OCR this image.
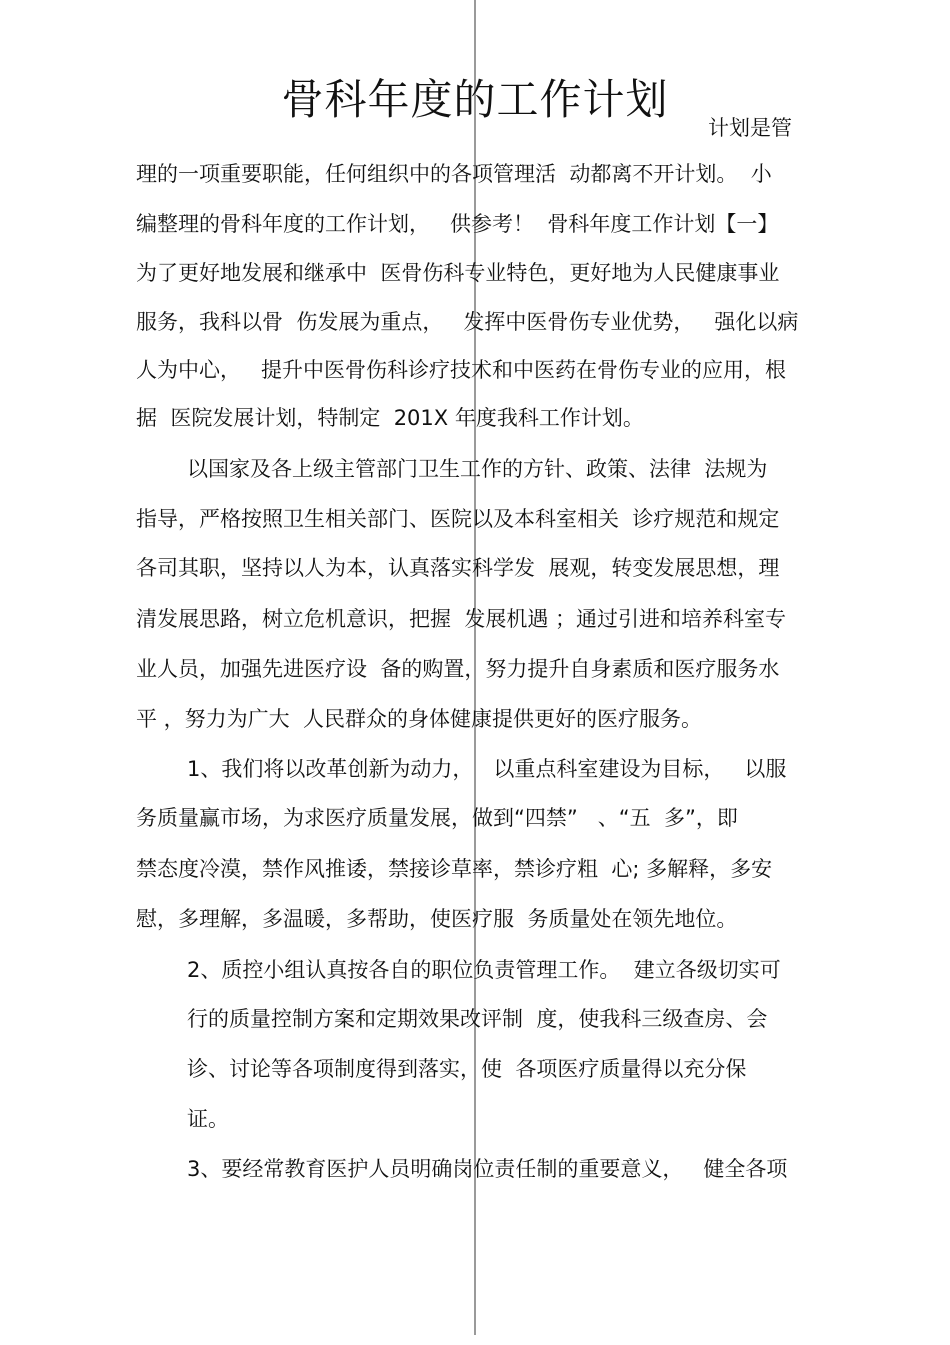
骨科年度的工作计划
计划是管
理的一项重要职能，任何组织中的各项管理活  动都离不开计划。  小
编整理的骨科年度的工作计划，   供参考！  骨科年度工作计划【一】
为了更好地发展和继承中  医骨伤科专业特色，更好地为人民健康事业
服务，我科以骨  伤发展为重点，   发挥中医骨伤专业优势，   强化以病
人为中心，   提升中医骨伤科诊疗技术和中医药在骨伤专业的应用，根
据  医院发展计划，特制定  201X 年度我科工作计划。
以国家及各上级主管部门卫生工作的方针、政策、法律  法规为
指导，严格按照卫生相关部门、医院以及本科室相关  诊疗规范和规定
各司其职，坚持以人为本，认真落实科学发  展观，转变发展思想，理
清发展思路，树立危机意识，把握  发展机遇 ；通过引进和培养科室专
业人员，加强先进医疗设  备的购置，努力提升自身素质和医疗服务水
平 ，努力为广大  人民群众的身体健康提供更好的医疗服务。
1、我们将以改革创新为动力，   以重点科室建设为目标，   以服
务质量赢市场，为求医疗质量发展，做到“四禁”   、“五  多”，即
禁态度冷漠，禁作风推诿，禁接诊草率，禁诊疗粗  心; 多解释，多安
慰，多理解，多温暖，多帮助，使医疗服  务质量处在领先地位。
2、质控小组认真按各自的职位负责管理工作。  建立各级切实可
行的质量控制方案和定期效果改评制  度，使我科三级查房、会
诊、讨论等各项制度得到落实，使  各项医疗质量得以充分保
证。
3、要经常教育医护人员明确岗位责任制的重要意义，   健全各项
